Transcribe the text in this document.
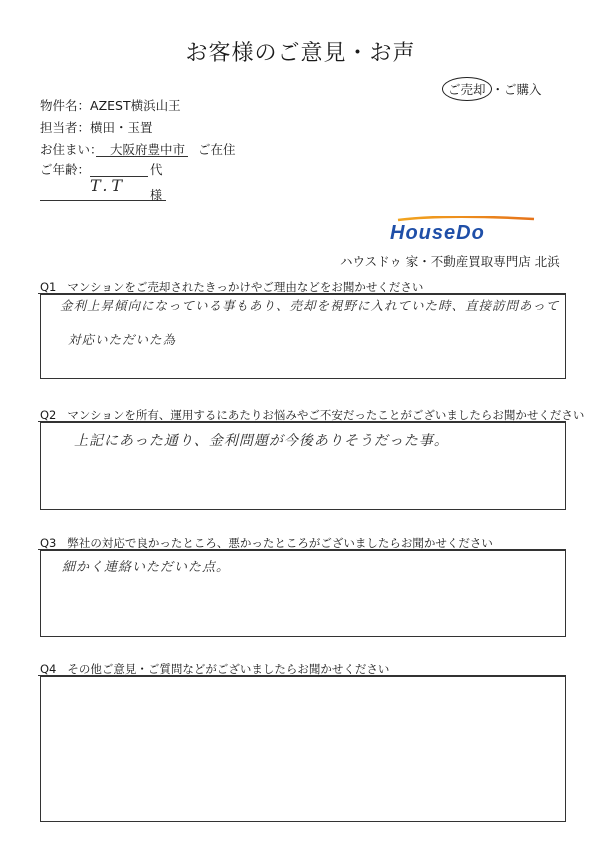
お客様のご意見・お声
ご売却 ・ご購入
物件名：AZEST横浜山王
担当者：横田・玉置
お住まい： 大阪府豊中市 ご在住
ご年齢：	代
T.T 様
HouseDo
ハウスドゥ 家・不動産買取専門店 北浜
Q1 マンションをご売却されたきっかけやご理由などをお聞かせください
金利上昇傾向になっている事もあり、売却を視野に入れていた時、直接訪問あって
対応いただいた為
Q2 マンションを所有、運用するにあたりお悩みやご不安だったことがございましたらお聞かせください
上記にあった通り、金利問題が今後ありそうだった事。
Q3 弊社の対応で良かったところ、悪かったところがございましたらお聞かせください
細かく連絡いただいた点。
Q4 その他ご意見・ご質問などがございましたらお聞かせください
